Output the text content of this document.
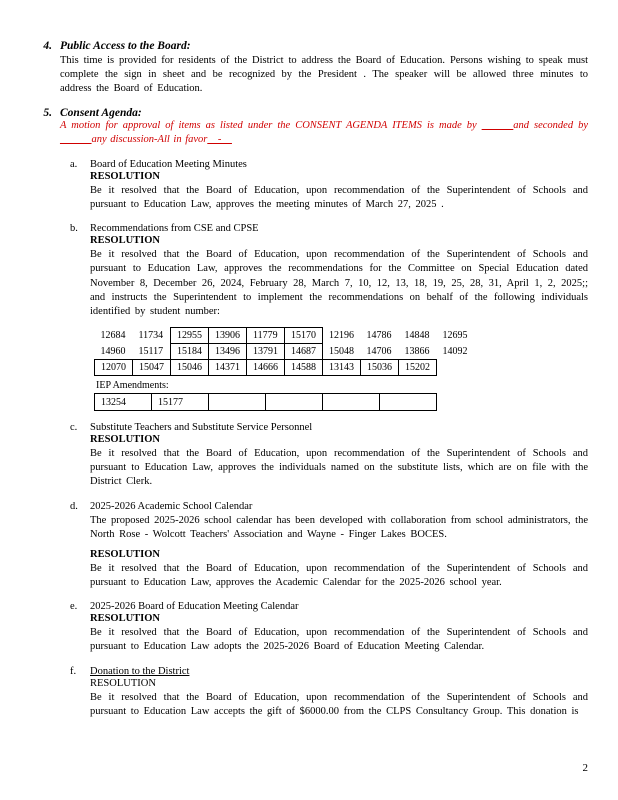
4. Public Access to the Board:
This time is provided for residents of the District to address the Board of Education. Persons wishing to speak must complete the sign in sheet and be recognized by the President . The speaker will be allowed three minutes to address the Board of Education.
5. Consent Agenda:
A motion for approval of items as listed under the CONSENT AGENDA ITEMS is made by ______and seconded by ______any discussion-All in favor__-__
a.	Board of Education Meeting Minutes
RESOLUTION
Be it resolved that the Board of Education, upon recommendation of the Superintendent of Schools and pursuant to Education Law, approves the meeting minutes of March 27, 2025 .
b.	Recommendations from CSE and CPSE
RESOLUTION
Be it resolved that the Board of Education, upon recommendation of the Superintendent of Schools and pursuant to Education Law, approves the recommendations for the Committee on Special Education dated November 8, December 26, 2024, February 28, March 7, 10, 12, 13, 18, 19, 25, 28, 31, April 1, 2, 2025;; and instructs the Superintendent to implement the recommendations on behalf of the following individuals identified by student number:
12684	11734	12955	13906	11779	15170	12196	14786	14848	12695
14960	15117	15184	13496	13791	14687	15048	14706	13866	14092
12070	15047	15046	14371	14666	14588	13143	15036	15202	
IEP Amendments:
13254	15177				
c.	Substitute Teachers and Substitute Service Personnel
RESOLUTION
Be it resolved that the Board of Education, upon recommendation of the Superintendent of Schools and pursuant to Education Law, approves the individuals named on the substitute lists, which are on file with the District Clerk.
d.	2025-2026 Academic School Calendar
The proposed 2025-2026 school calendar has been developed with collaboration from school administrators, the North Rose - Wolcott Teachers' Association and Wayne - Finger Lakes BOCES.
RESOLUTION
Be it resolved that the Board of Education, upon recommendation of the Superintendent of Schools and pursuant to Education Law, approves the Academic Calendar for the 2025-2026 school year.
e.	2025-2026 Board of Education Meeting Calendar
RESOLUTION
Be it resolved that the Board of Education, upon recommendation of the Superintendent of Schools and pursuant to Education Law adopts the 2025-2026 Board of Education Meeting Calendar.
f.	Donation to the District
RESOLUTION
Be it resolved that the Board of Education, upon recommendation of the Superintendent of Schools and pursuant to Education Law accepts the gift of $6000.00 from the CLPS Consultancy Group. This donation is
2
